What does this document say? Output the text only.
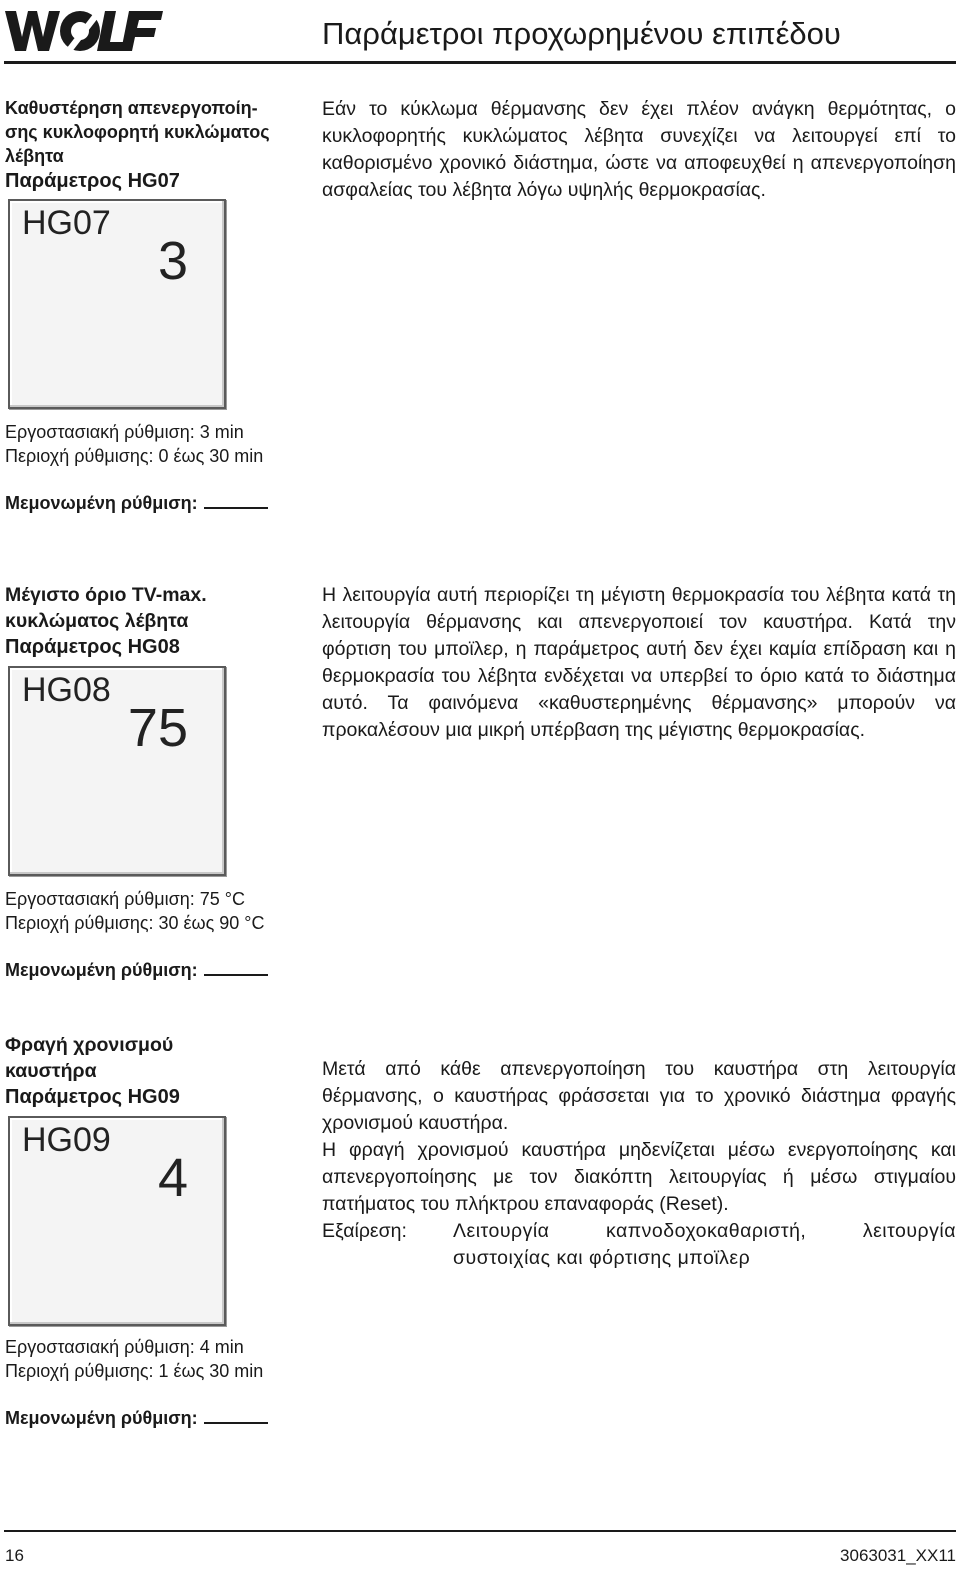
Παράμετροι προχωρημένου επιπέδου
Καθυστέρηση απενεργοποίη-
σης κυκλοφορητή κυκλώματος
λέβητα
Παράμετρος HG07
HG07
3
Εργοστασιακή ρύθμιση: 3 min
Περιοχή ρύθμισης: 0 έως 30 min
Μεμονωμένη ρύθμιση:

Εάν το κύκλωμα θέρμανσης δεν έχει πλέον ανάγκη θερμότητας, ο κυκλοφορητής κυκλώματος λέβητα συνεχίζει να λειτουργεί επί το καθορισμένο χρονικό διάστημα, ώστε να αποφευχθεί η απενεργοποίηση ασφαλείας του λέβητα λόγω υψηλής θερμοκρασίας.

Μέγιστο όριο TV-max.
κυκλώματος λέβητα
Παράμετρος HG08
HG08
75
Εργοστασιακή ρύθμιση: 75 °C
Περιοχή ρύθμισης: 30 έως 90 °C
Μεμονωμένη ρύθμιση:

Η λειτουργία αυτή περιορίζει τη μέγιστη θερμοκρασία του λέβητα κατά τη λειτουργία θέρμανσης και απενεργοποιεί τον καυστήρα. Κατά την φόρτιση του μποϊλερ, η παράμετρος αυτή δεν έχει καμία επίδραση και η θερμοκρασία του λέβητα ενδέχεται να υπερβεί το όριο κατά το διάστημα αυτό. Τα φαινόμενα «καθυστερημένης θέρμανσης» μπορούν να προκαλέσουν μια μικρή υπέρβαση της μέγιστης θερμοκρασίας.

Φραγή χρονισμού
καυστήρα
Παράμετρος HG09
HG09
4
Εργοστασιακή ρύθμιση: 4 min
Περιοχή ρύθμισης: 1 έως 30 min
Μεμονωμένη ρύθμιση:

Μετά από κάθε απενεργοποίηση του καυστήρα στη λειτουργία θέρμανσης, ο καυστήρας φράσσεται για το χρονικό διάστημα φραγής χρονισμού καυστήρα.

Η φραγή χρονισμού καυστήρα μηδενίζεται μέσω ενεργοποίησης και απενεργοποίησης με τον διακόπτη λειτουργίας ή μέσω στιγμαίου πατήματος του πλήκτρου επαναφοράς (Reset).

Εξαίρεση:	Λειτουργία καπνοδοχοκαθαριστή, λειτουργία συστοιχίας και φόρτισης μποϊλερ
16	3063031_XX11
